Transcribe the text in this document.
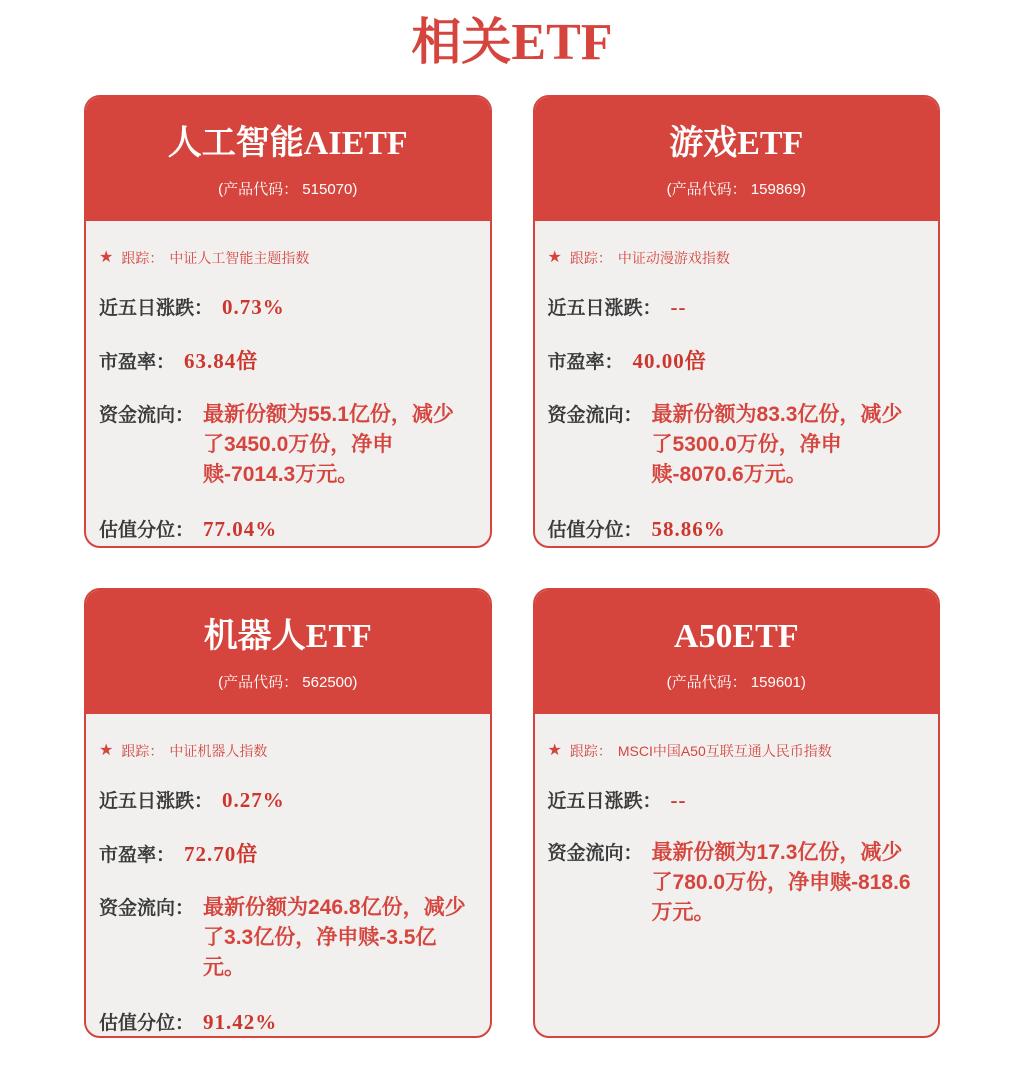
相关ETF
人工智能AIETF
(产品代码： 515070)
★ 跟踪： 中证人工智能主题指数
近五日涨跌： 0.73%
市盈率： 63.84 倍
资金流向： 最新份额为55.1亿份，减少了3450.0万份，净申赎-7014.3万元。
估值分位： 77.04%
游戏ETF
(产品代码： 159869)
★ 跟踪： 中证动漫游戏指数
近五日涨跌： --
市盈率： 40.00 倍
资金流向： 最新份额为83.3亿份，减少了5300.0万份，净申赎-8070.6万元。
估值分位： 58.86%
机器人ETF
(产品代码： 562500)
★ 跟踪： 中证机器人指数
近五日涨跌： 0.27%
市盈率： 72.70 倍
资金流向： 最新份额为246.8亿份，减少了3.3亿份，净申赎-3.5亿元。
估值分位： 91.42%
A50ETF
(产品代码： 159601)
★ 跟踪： MSCI中国A50互联互通人民币指数
近五日涨跌： --
资金流向： 最新份额为17.3亿份，减少了780.0万份，净申赎-818.6万元。
